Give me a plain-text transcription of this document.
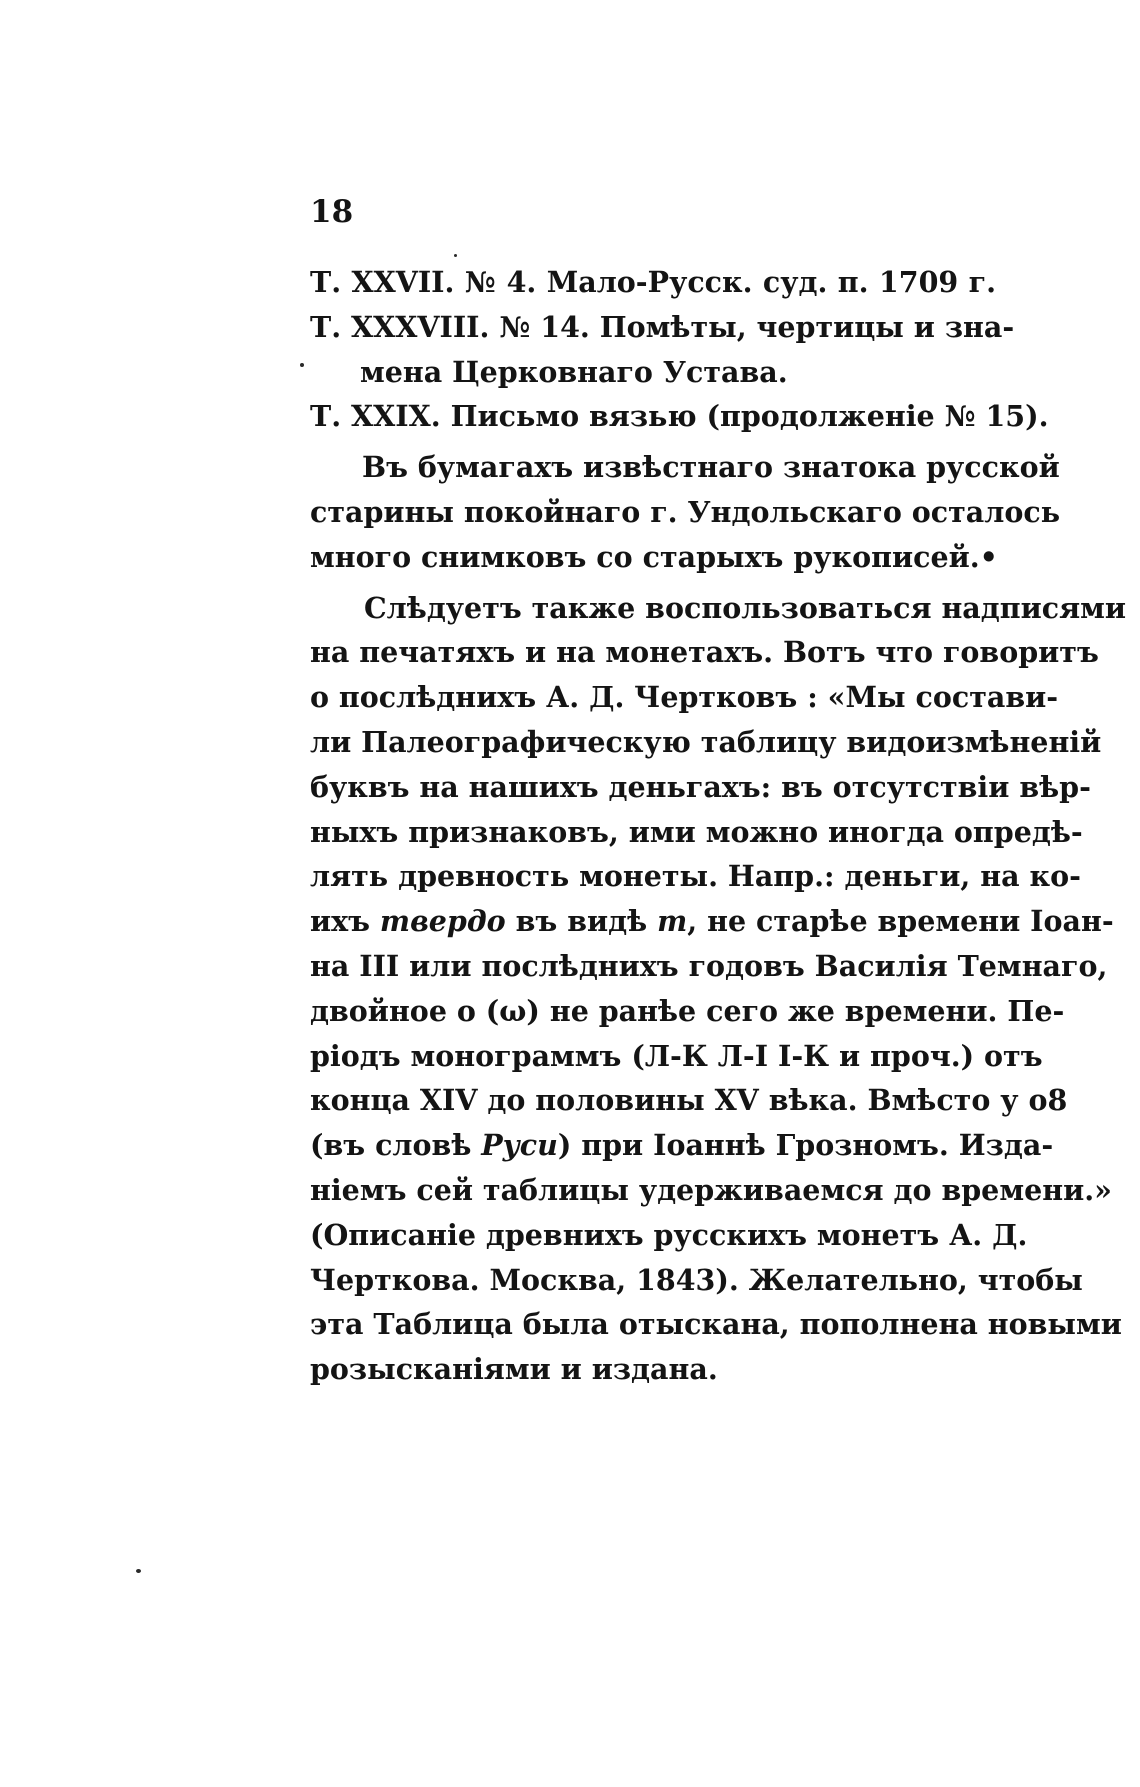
18
Т. XXVII. № 4. Мало-Русск. суд. п. 1709 г.
Т. XXXVIII. № 14. Помѣты, чертицы и зна-
мена Церковнаго Устава.
Т. XXIX. Письмо вязью (продолженіе № 15).
Въ бумагахъ извѣстнаго знатока русской
старины покойнаго г. Ундольскаго осталось
много снимковъ со старыхъ рукописей.•
Слѣдуетъ также воспользоваться надписями
на печатяхъ и на монетахъ. Вотъ что говоритъ
о послѣднихъ А. Д. Чертковъ : «Мы состави-
ли Палеографическую таблицу видоизмѣненій
буквъ на нашихъ деньгахъ: въ отсутствіи вѣр-
ныхъ признаковъ, ими можно иногда опредѣ-
лять древность монеты. Напр.: деньги, на ко-
ихъ твердо въ видѣ т, не старѣе времени Іоан-
на III или послѣднихъ годовъ Василія Темнаго,
двойное о (ω) не ранѣе сего же времени. Пе-
ріодъ монограммъ (Л-К Л-I I-К и проч.) отъ
конца XIV до половины XV вѣка. Вмѣсто у о8
(въ словѣ Руси) при Іоаннѣ Грозномъ. Изда-
ніемъ сей таблицы удерживаемся до времени.»
(Описаніе древнихъ русскихъ монетъ А. Д.
Черткова. Москва, 1843). Желательно, чтобы
эта Таблица была отыскана, пополнена новыми
розысканіями и издана.
